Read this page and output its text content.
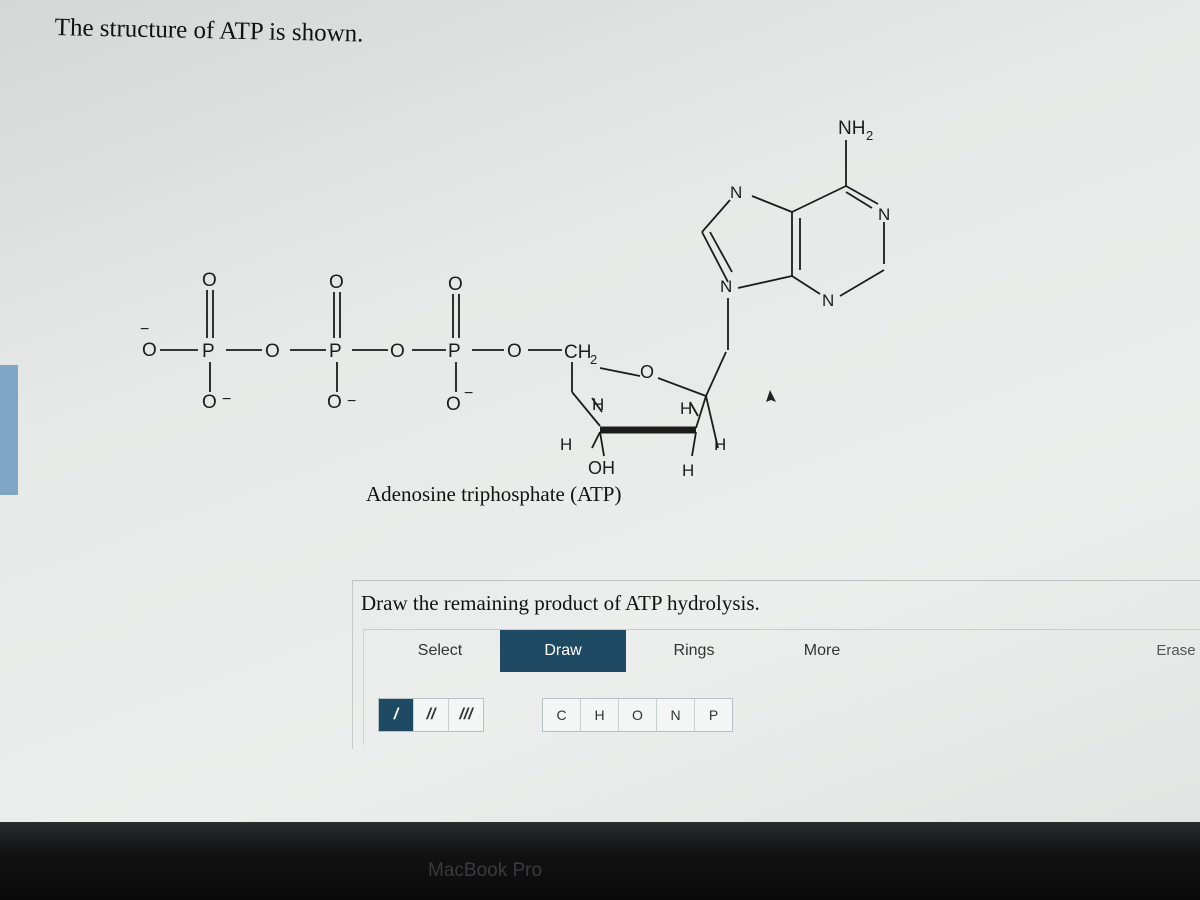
The structure of ATP is shown.
O
−
P
O
O −
O	P
O
O −
O P
O
O
−
O CH
2
O
H	H
H	H
OH	H
N
N
N
N
NH 2
Adenosine triphosphate (ATP)
Draw the remaining product of ATP hydrolysis.
Select	Draw	Rings	More	Erase
/	//	///	C	H	O	N	P
MacBook Pro
